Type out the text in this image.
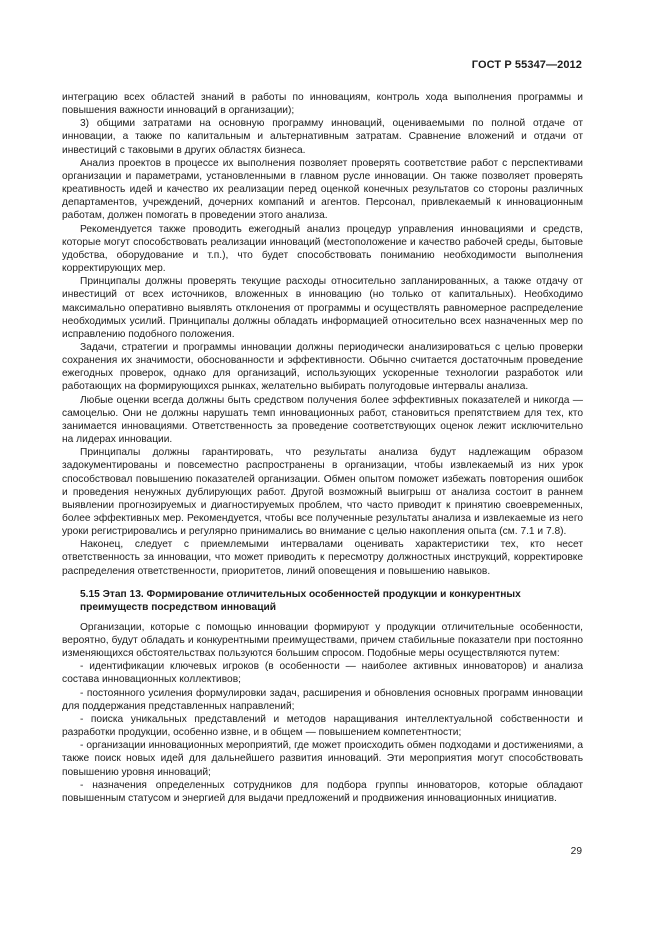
ГОСТ Р 55347—2012

интеграцию всех областей знаний в работы по инновациям, контроль хода выполнения программы и повышения важности инноваций в организации);

3) общими затратами на основную программу инноваций, оцениваемыми по полной отдаче от инновации, а также по капитальным и альтернативным затратам. Сравнение вложений и отдачи от инвестиций с таковыми в других областях бизнеса.

Анализ проектов в процессе их выполнения позволяет проверять соответствие работ с перспективами организации и параметрами, установленными в главном русле инновации. Он также позволяет проверять креативность идей и качество их реализации перед оценкой конечных результатов со стороны различных департаментов, учреждений, дочерних компаний и агентов. Персонал, привлекаемый к инновационным работам, должен помогать в проведении этого анализа.

Рекомендуется также проводить ежегодный анализ процедур управления инновациями и средств, которые могут способствовать реализации инноваций (местоположение и качество рабочей среды, бытовые удобства, оборудование и т.п.), что будет способствовать пониманию необходимости выполнения корректирующих мер.

Принципалы должны проверять текущие расходы относительно запланированных, а также отдачу от инвестиций от всех источников, вложенных в инновацию (но только от капитальных). Необходимо максимально оперативно выявлять отклонения от программы и осуществлять равномерное распределение необходимых усилий. Принципалы должны обладать информацией относительно всех назначенных мер по исправлению подобного положения.

Задачи, стратегии и программы инновации должны периодически анализироваться с целью проверки сохранения их значимости, обоснованности и эффективности. Обычно считается достаточным проведение ежегодных проверок, однако для организаций, использующих ускоренные технологии разработок или работающих на формирующихся рынках, желательно выбирать полугодовые интервалы анализа.

Любые оценки всегда должны быть средством получения более эффективных показателей и никогда — самоцелью. Они не должны нарушать темп инновационных работ, становиться препятствием для тех, кто занимается инновациями. Ответственность за проведение соответствующих оценок лежит исключительно на лидерах инновации.

Принципалы должны гарантировать, что результаты анализа будут надлежащим образом задокументированы и повсеместно распространены в организации, чтобы извлекаемый из них урок способствовал повышению показателей организации. Обмен опытом поможет избежать повторения ошибок и проведения ненужных дублирующих работ. Другой возможный выигрыш от анализа состоит в раннем выявлении прогнозируемых и диагностируемых проблем, что часто приводит к принятию своевременных, более эффективных мер. Рекомендуется, чтобы все полученные результаты анализа и извлекаемые из него уроки регистрировались и регулярно принимались во внимание с целью накопления опыта (см. 7.1 и 7.8).

Наконец, следует с приемлемыми интервалами оценивать характеристики тех, кто несет ответственность за инновации, что может приводить к пересмотру должностных инструкций, корректировке распределения ответственности, приоритетов, линий оповещения и повышению навыков.

5.15 Этап 13. Формирование отличительных особенностей продукции и конкурентных
преимуществ посредством инноваций

Организации, которые с помощью инновации формируют у продукции отличительные особенности, вероятно, будут обладать и конкурентными преимуществами, причем стабильные показатели при постоянно изменяющихся обстоятельствах пользуются большим спросом. Подобные меры осуществляются путем:

- идентификации ключевых игроков (в особенности — наиболее активных инноваторов) и анализа состава инновационных коллективов;

- постоянного усиления формулировки задач, расширения и обновления основных программ инновации для поддержания представленных направлений;

- поиска уникальных представлений и методов наращивания интеллектуальной собственности и разработки продукции, особенно извне, и в общем — повышением компетентности;

- организации инновационных мероприятий, где может происходить обмен подходами и достижениями, а также поиск новых идей для дальнейшего развития инноваций. Эти мероприятия могут способствовать повышению уровня инноваций;

- назначения определенных сотрудников для подбора группы инноваторов, которые обладают повышенным статусом и энергией для выдачи предложений и продвижения инновационных инициатив.

29
